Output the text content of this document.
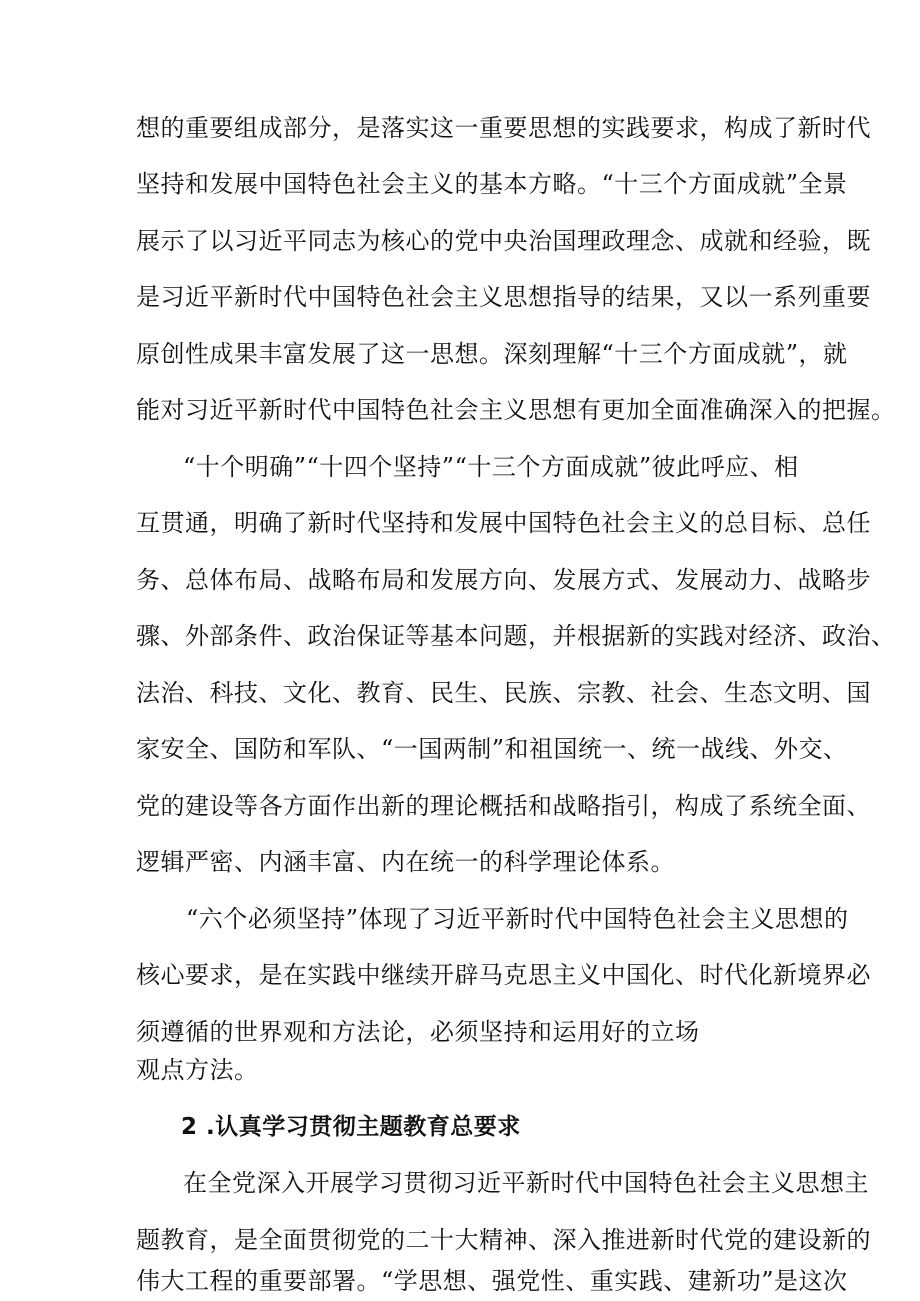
想的重要组成部分，是落实这一重要思想的实践要求，构成了新时代
坚持和发展中国特色社会主义的基本方略。“十三个方面成就”全景
展示了以习近平同志为核心的党中央治国理政理念、成就和经验，既
是习近平新时代中国特色社会主义思想指导的结果，又以一系列重要
原创性成果丰富发展了这一思想。深刻理解“十三个方面成就”，就
能对习近平新时代中国特色社会主义思想有更加全面准确深入的把握。
“十个明确”“十四个坚持”“十三个方面成就”彼此呼应、相
互贯通，明确了新时代坚持和发展中国特色社会主义的总目标、总任
务、总体布局、战略布局和发展方向、发展方式、发展动力、战略步
骤、外部条件、政治保证等基本问题，并根据新的实践对经济、政治、
法治、科技、文化、教育、民生、民族、宗教、社会、生态文明、国
家安全、国防和军队、“一国两制”和祖国统一、统一战线、外交、
党的建设等各方面作出新的理论概括和战略指引，构成了系统全面、
逻辑严密、内涵丰富、内在统一的科学理论体系。
“六个必须坚持”体现了习近平新时代中国特色社会主义思想的
核心要求，是在实践中继续开辟马克思主义中国化、时代化新境界必
须遵循的世界观和方法论，必须坚持和运用好的立场
观点方法。
2 .认真学习贯彻主题教育总要求
在全党深入开展学习贯彻习近平新时代中国特色社会主义思想主
题教育，是全面贯彻党的二十大精神、深入推进新时代党的建设新的
伟大工程的重要部署。“学思想、强党性、重实践、建新功”是这次
